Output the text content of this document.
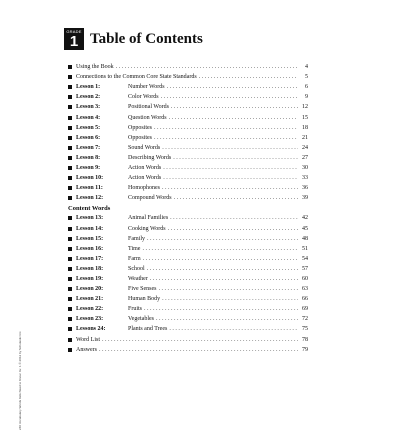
GRADE
1 Table of Contents
Using the Book . . .	4
Connections to the Common Core State Standards . . .	5
Lesson 1:	Number Words . . .	6
Lesson 2:	Color Words . . .	9
Lesson 3:	Positional Words . . .	12
Lesson 4:	Question Words . . .	15
Lesson 5:	Opposites . . .	18
Lesson 6:	Opposites . . .	21
Lesson 7:	Sound Words . . .	24
Lesson 8:	Describing Words . . .	27
Lesson 9:	Action Words . . .	30
Lesson 10:	Action Words . . .	33
Lesson 11:	Homophones . . .	36
Lesson 12:	Compound Words . . .	39
Content Words
Lesson 13:	Animal Families . . .	42
Lesson 14:	Cooking Words . . .	45
Lesson 15:	Family . . .	48
Lesson 16:	Time . . .	51
Lesson 17:	Farm . . .	54
Lesson 18:	School . . .	57
Lesson 19:	Weather . . .	60
Lesson 20:	Five Senses . . .	63
Lesson 21:	Human Body . . .	66
Lesson 22:	Fruits . . .	69
Lesson 23:	Vegetables . . .	72
Lessons 24:	Plants and Trees . . .	75
Word List . . .	78
Answers . . .	79
240 Vocabulary Words Kids Need to Know: Gr. 1 © 2012 by Scholastic Inc.
